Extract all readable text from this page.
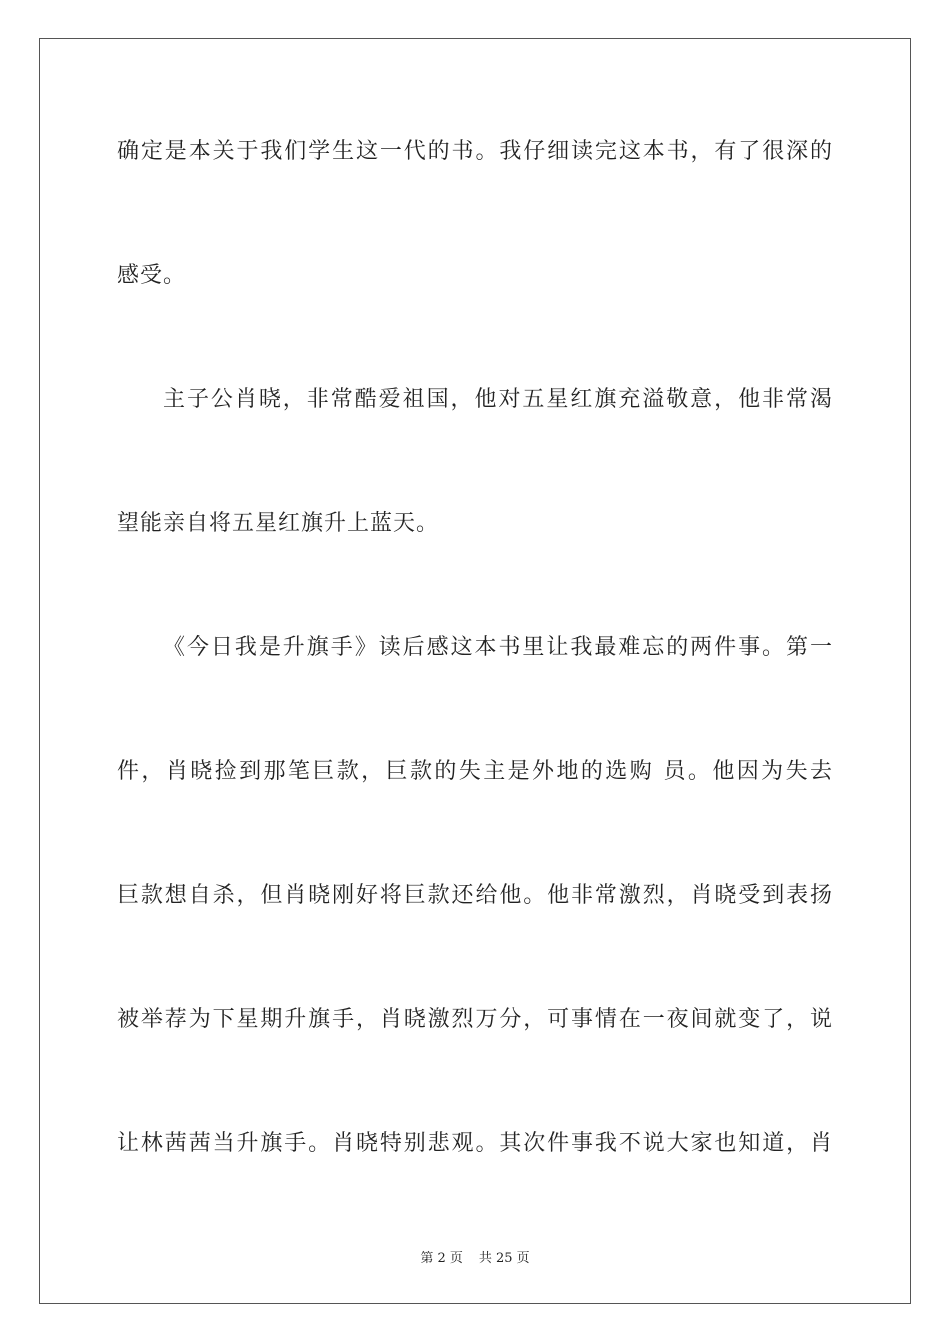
确定是本关于我们学生这一代的书。我仔细读完这本书，有了很深的
感受。
主子公肖晓，非常酷爱祖国，他对五星红旗充溢敬意，他非常渴
望能亲自将五星红旗升上蓝天。
《今日我是升旗手》读后感这本书里让我最难忘的两件事。第一
件，肖晓捡到那笔巨款，巨款的失主是外地的选购 员。他因为失去
巨款想自杀，但肖晓刚好将巨款还给他。他非常激烈，肖晓受到表扬
被举荐为下星期升旗手，肖晓激烈万分，可事情在一夜间就变了，说
让林茜茜当升旗手。肖晓特别悲观。其次件事我不说大家也知道，肖
第 2 页 共 25 页
